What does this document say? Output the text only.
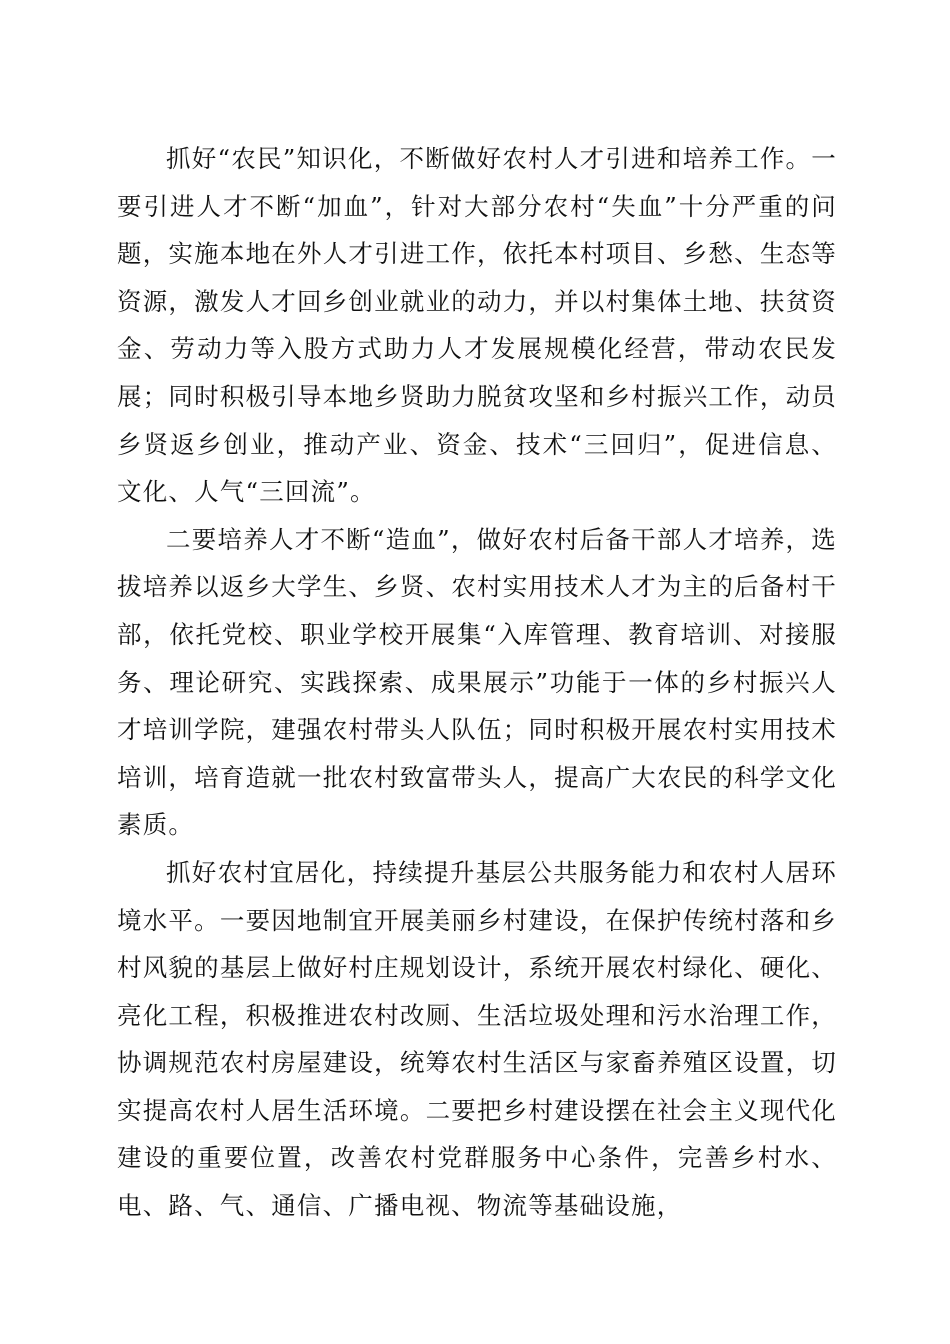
抓好“农民”知识化，不断做好农村人才引进和培养工作。一要引进人才不断“加血”，针对大部分农村“失血”十分严重的问题，实施本地在外人才引进工作，依托本村项目、乡愁、生态等资源，激发人才回乡创业就业的动力，并以村集体土地、扶贫资金、劳动力等入股方式助力人才发展规模化经营，带动农民发展；同时积极引导本地乡贤助力脱贫攻坚和乡村振兴工作，动员乡贤返乡创业，推动产业、资金、技术“三回归”，促进信息、文化、人气“三回流”。

二要培养人才不断“造血”，做好农村后备干部人才培养，选拔培养以返乡大学生、乡贤、农村实用技术人才为主的后备村干部，依托党校、职业学校开展集“入库管理、教育培训、对接服务、理论研究、实践探索、成果展示”功能于一体的乡村振兴人才培训学院，建强农村带头人队伍；同时积极开展农村实用技术培训，培育造就一批农村致富带头人，提高广大农民的科学文化素质。

抓好农村宜居化，持续提升基层公共服务能力和农村人居环境水平。一要因地制宜开展美丽乡村建设，在保护传统村落和乡村风貌的基层上做好村庄规划设计，系统开展农村绿化、硬化、亮化工程，积极推进农村改厕、生活垃圾处理和污水治理工作，协调规范农村房屋建设，统筹农村生活区与家畜养殖区设置，切实提高农村人居生活环境。二要把乡村建设摆在社会主义现代化建设的重要位置，改善农村党群服务中心条件，完善乡村水、电、路、气、通信、广播电视、物流等基础设施，
